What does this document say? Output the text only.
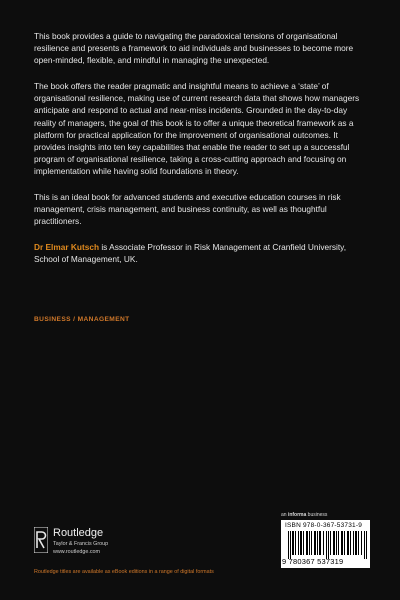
This book provides a guide to navigating the paradoxical tensions of organisational resilience and presents a framework to aid individuals and businesses to become more open-minded, flexible, and mindful in managing the unexpected.

The book offers the reader pragmatic and insightful means to achieve a ‘state’ of organisational resilience, making use of current research data that shows how managers anticipate and respond to actual and near-miss incidents. Grounded in the day-to-day reality of managers, the goal of this book is to offer a unique theoretical framework as a platform for practical application for the improvement of organisational outcomes. It provides insights into ten key capabilities that enable the reader to set up a successful program of organisational resilience, taking a cross-cutting approach and focusing on implementation while having solid foundations in theory.

This is an ideal book for advanced students and executive education courses in risk management, crisis management, and business continuity, as well as thoughtful practitioners.

Dr Elmar Kutsch is Associate Professor in Risk Management at Cranfield University, School of Management, UK.

BUSINESS / MANAGEMENT
an informa business
ISBN 978-0-367-53731-9
9 780367 537319
Routledge
Taylor & Francis Group
www.routledge.com
Routledge titles are available as eBook editions in a range of digital formats
